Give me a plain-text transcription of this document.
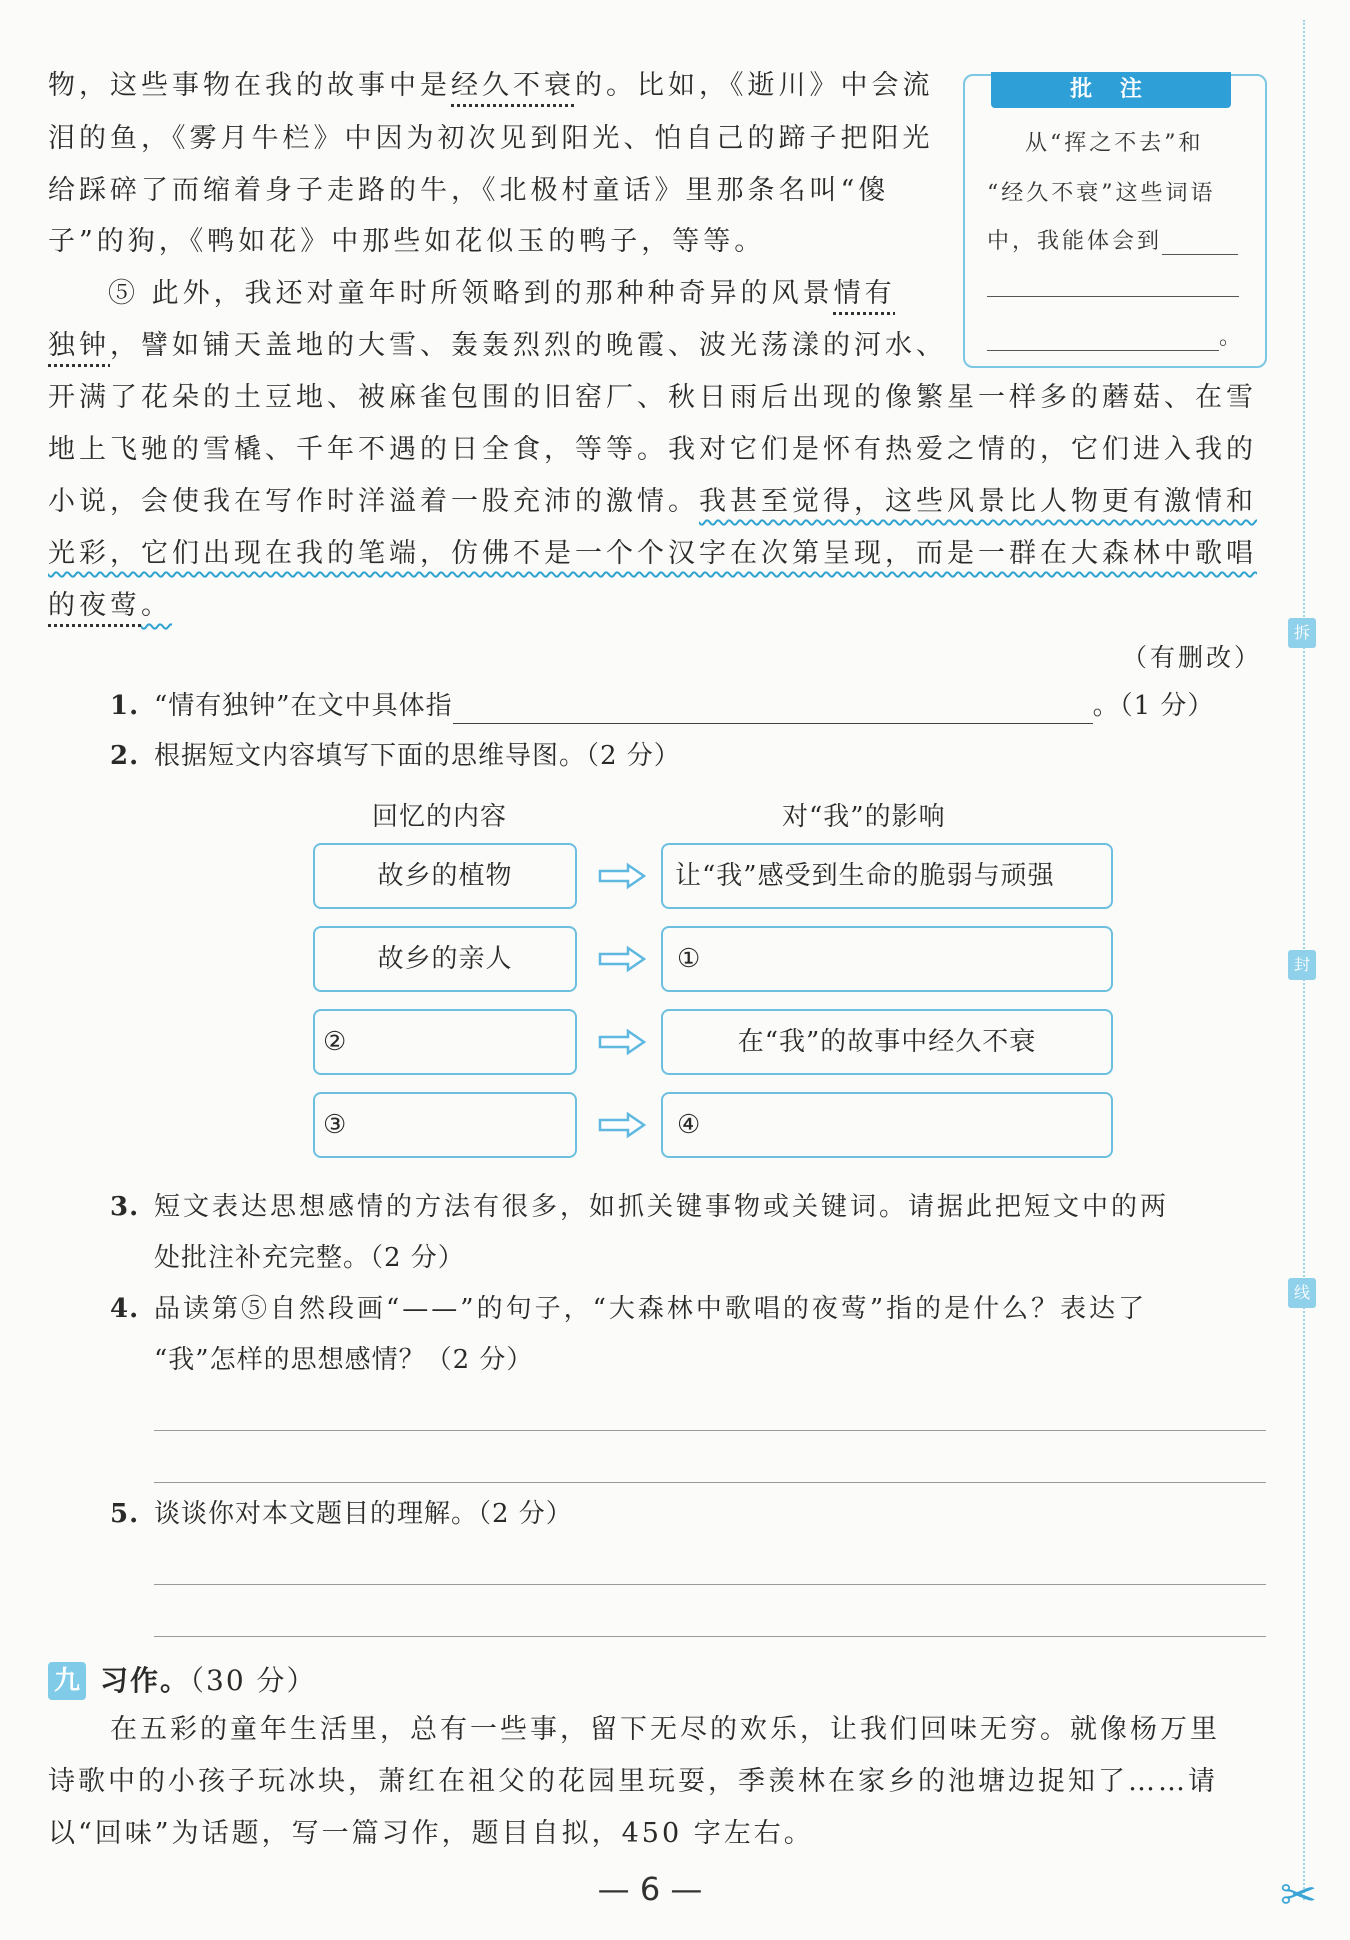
物，这些事物在我的故事中是经久不衰的。比如，《逝川》中会流
泪的鱼，《雾月牛栏》中因为初次见到阳光、怕自己的蹄子把阳光
给踩碎了而缩着身子走路的牛，《北极村童话》里那条名叫“傻
子”的狗，《鸭如花》中那些如花似玉的鸭子，等等。
⑤ 此外，我还对童年时所领略到的那种种奇异的风景情有
独钟，譬如铺天盖地的大雪、轰轰烈烈的晚霞、波光荡漾的河水、
开满了花朵的土豆地、被麻雀包围的旧窑厂、秋日雨后出现的像繁星一样多的蘑菇、在雪
地上飞驰的雪橇、千年不遇的日全食，等等。我对它们是怀有热爱之情的，它们进入我的
小说，会使我在写作时洋溢着一股充沛的激情。我甚至觉得，这些风景比人物更有激情和
光彩，它们出现在我的笔端，仿佛不是一个个汉字在次第呈现，而是一群在大森林中歌唱
的夜莺。
批 注
从“挥之不去”和
“经久不衰”这些词语
中，我能体会到
。
（有删改）
1. “情有独钟”在文中具体指	。（1 分）
2. 根据短文内容填写下面的思维导图。（2 分）
回忆的内容	对“我”的影响
故乡的植物	让“我”感受到生命的脆弱与顽强
故乡的亲人	①
②	在“我”的故事中经久不衰
③	④
3. 短文表达思想感情的方法有很多，如抓关键事物或关键词。请据此把短文中的两
处批注补充完整。（2 分）
4. 品读第⑤自然段画“——”的句子，“大森林中歌唱的夜莺”指的是什么？表达了
“我”怎样的思想感情？（2 分）
5. 谈谈你对本文题目的理解。（2 分）
九 习作。（30 分）
在五彩的童年生活里，总有一些事，留下无尽的欢乐，让我们回味无穷。就像杨万里
诗歌中的小孩子玩冰块，萧红在祖父的花园里玩耍，季羡林在家乡的池塘边捉知了……请
以“回味”为话题，写一篇习作，题目自拟，450 字左右。
— 6 —
拆
封
线
✂
